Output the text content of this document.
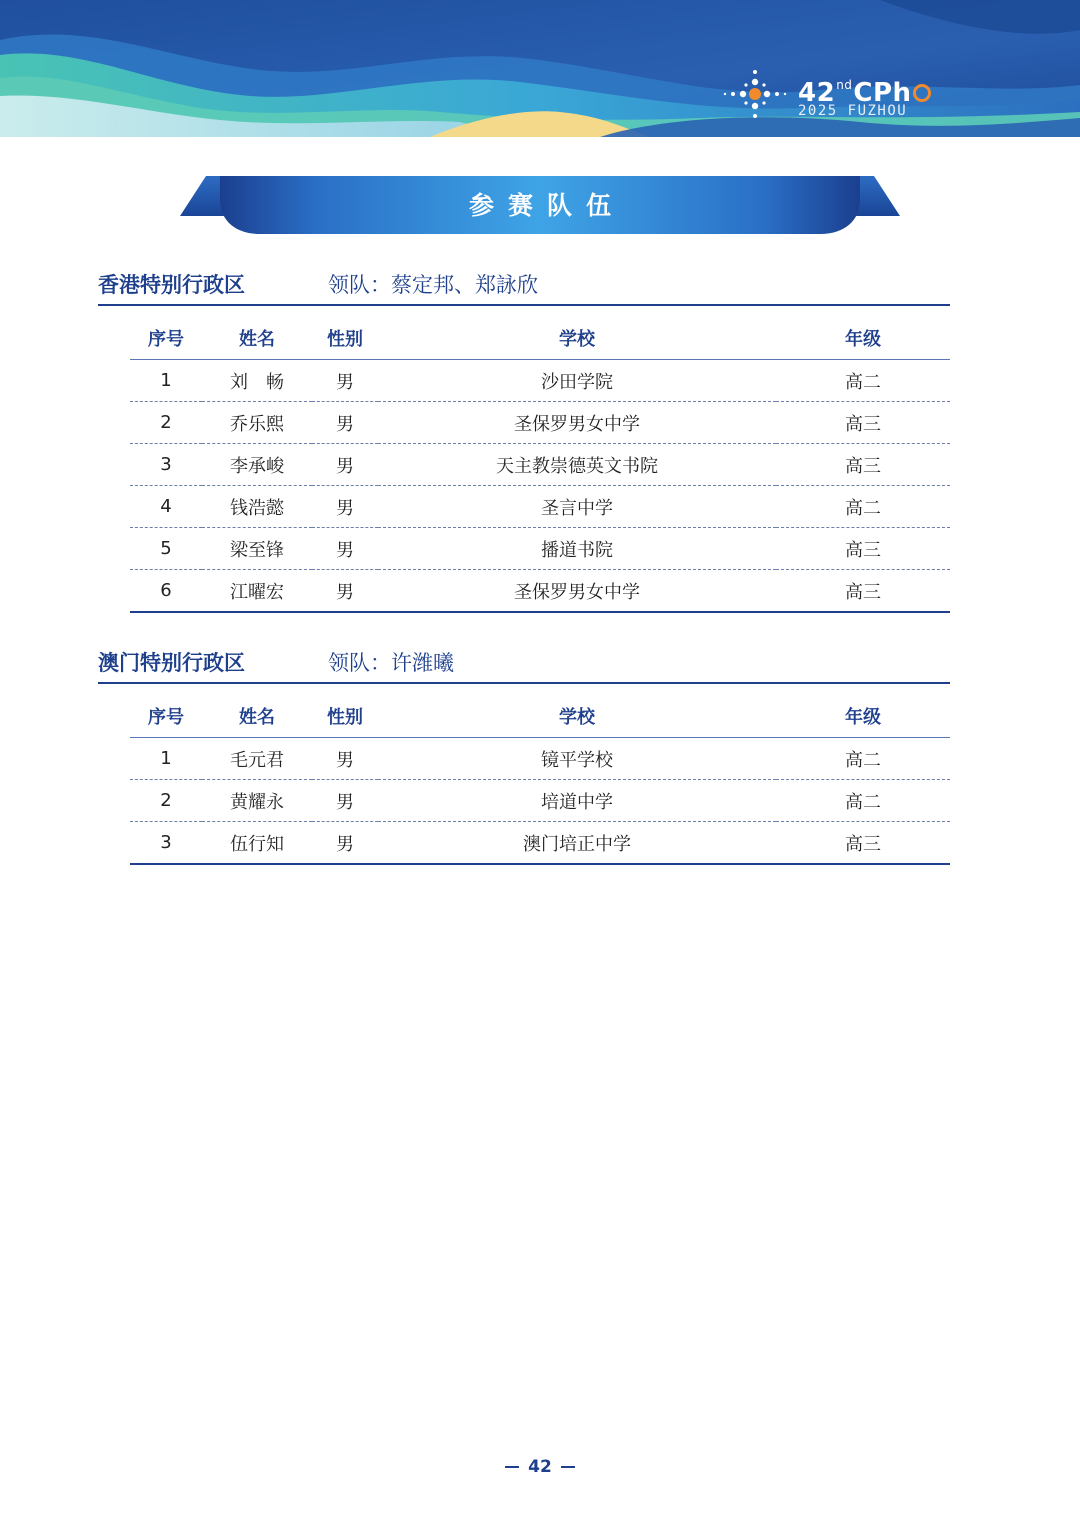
42ndCPh
2025 FUZHOU
参赛队伍
香港特别行政区	领队：蔡定邦、郑詠欣
序号	姓名	性别	学校	年级
1	刘　畅	男	沙田学院	高二
2	乔乐熙	男	圣保罗男女中学	高三
3	李承峻	男	天主教崇德英文书院	高三
4	钱浩懿	男	圣言中学	高二
5	梁至锋	男	播道书院	高三
6	江曜宏	男	圣保罗男女中学	高三
澳门特别行政区	领队：许潍曦
序号	姓名	性别	学校	年级
1	毛元君	男	镜平学校	高二
2	黄耀永	男	培道中学	高二
3	伍行知	男	澳门培正中学	高三
42
